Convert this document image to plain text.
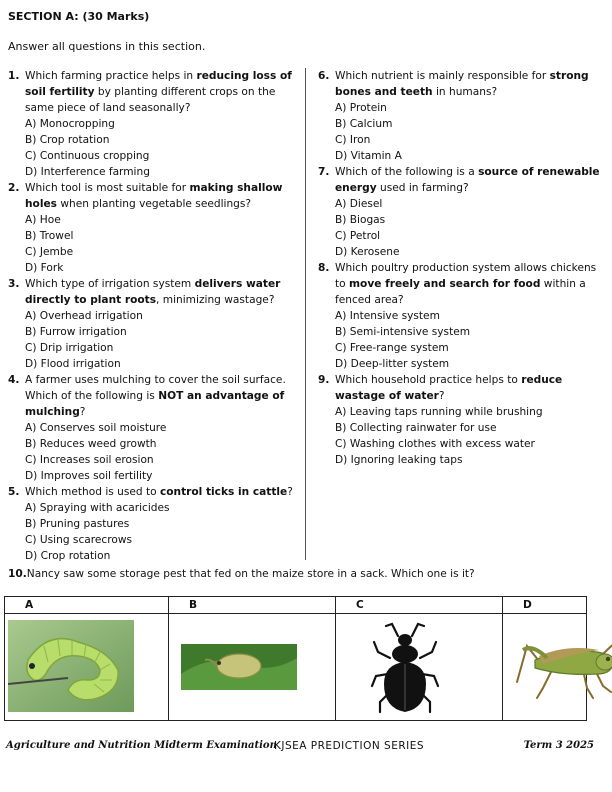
SECTION A: (30 Marks)
Answer all questions in this section.
1. Which farming practice helps in reducing loss of soil fertility by planting different crops on the same piece of land seasonally?
A) Monocropping
B) Crop rotation
C) Continuous cropping
D) Interference farming
2. Which tool is most suitable for making shallow holes when planting vegetable seedlings?
A) Hoe
B) Trowel
C) Jembe
D) Fork
3. Which type of irrigation system delivers water directly to plant roots, minimizing wastage?
A) Overhead irrigation
B) Furrow irrigation
C) Drip irrigation
D) Flood irrigation
4. A farmer uses mulching to cover the soil surface. Which of the following is NOT an advantage of mulching?
A) Conserves soil moisture
B) Reduces weed growth
C) Increases soil erosion
D) Improves soil fertility
5. Which method is used to control ticks in cattle?
A) Spraying with acaricides
B) Pruning pastures
C) Using scarecrows
D) Crop rotation
6. Which nutrient is mainly responsible for strong bones and teeth in humans?
A) Protein
B) Calcium
C) Iron
D) Vitamin A
7. Which of the following is a source of renewable energy used in farming?
A) Diesel
B) Biogas
C) Petrol
D) Kerosene
8. Which poultry production system allows chickens to move freely and search for food within a fenced area?
A) Intensive system
B) Semi-intensive system
C) Free-range system
D) Deep-litter system
9. Which household practice helps to reduce wastage of water?
A) Leaving taps running while brushing
B) Collecting rainwater for use
C) Washing clothes with excess water
D) Ignoring leaking taps
10.Nancy saw some storage pest that fed on the maize store in a sack. Which one is it?
A	B	C	D

Agriculture and Nutrition Midterm Examination
KJSEA PREDICTION SERIES	Term 3 2025
